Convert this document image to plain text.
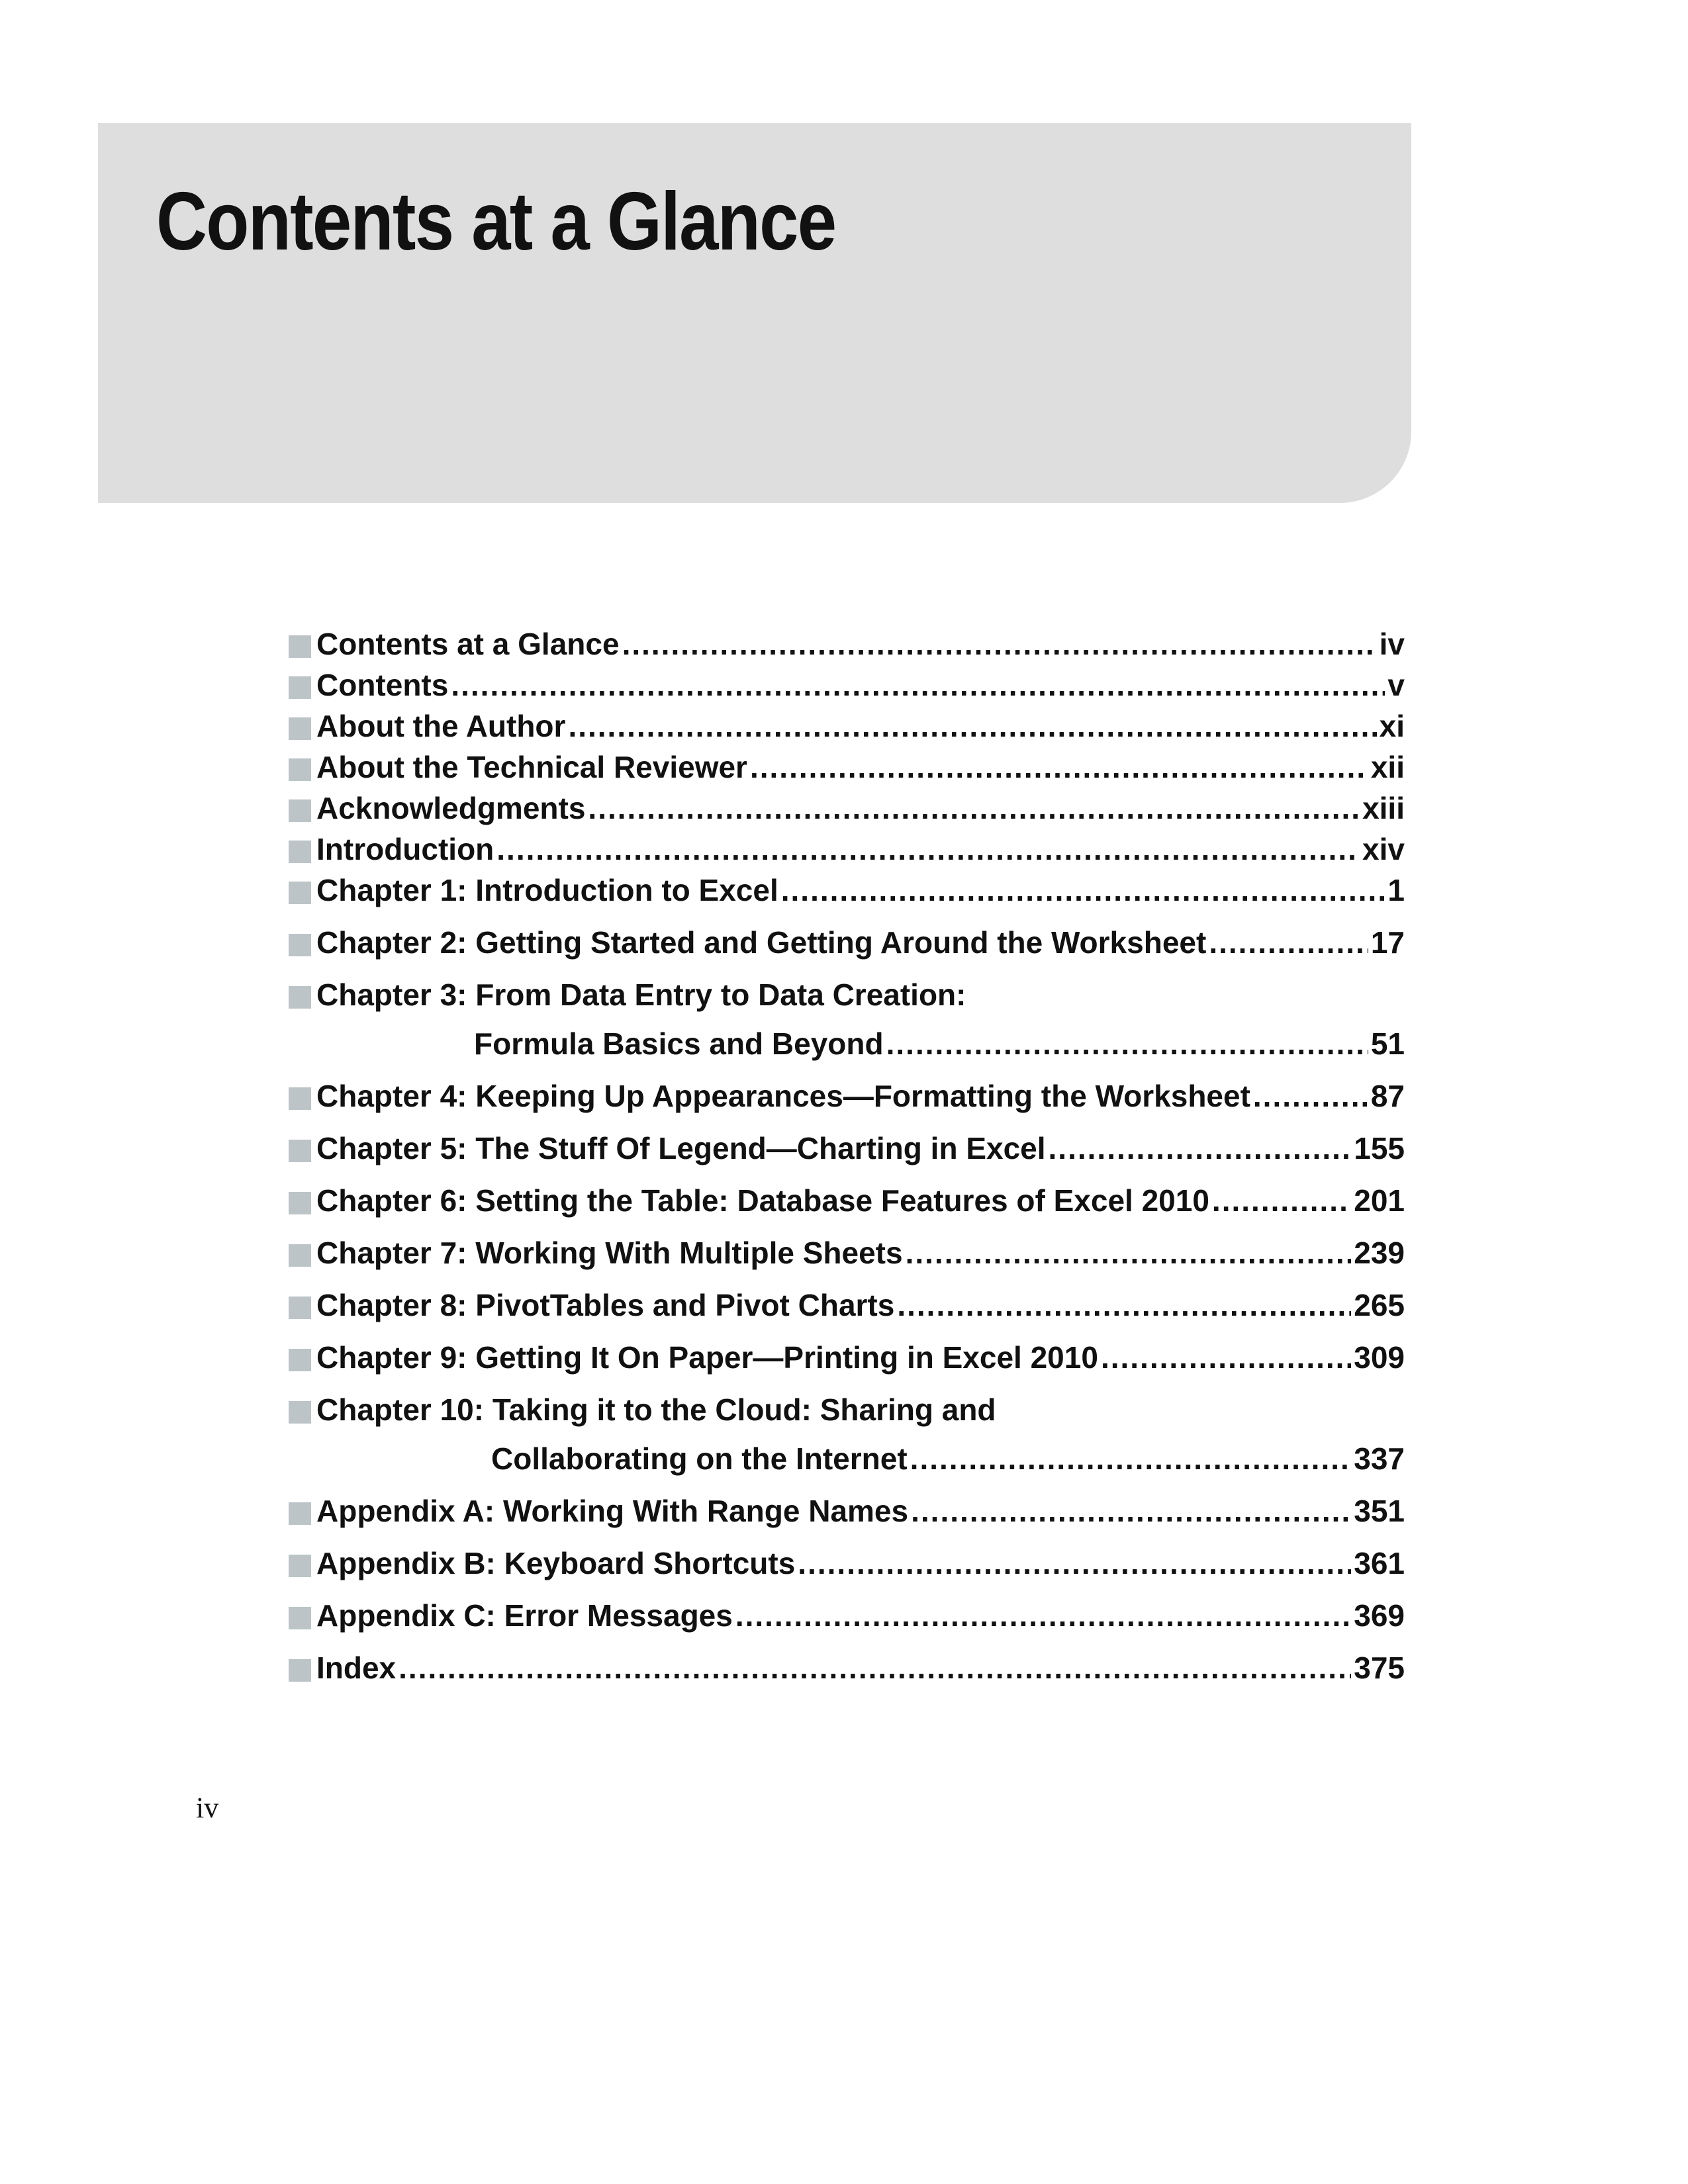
Contents at a Glance
Contents at a Glance .....	iv
Contents .....	v
About the Author .....	xi
About the Technical Reviewer .....	xii
Acknowledgments .....	xiii
Introduction .....	xiv
Chapter 1: Introduction to Excel .....	1
Chapter 2: Getting Started and Getting Around the Worksheet .....	17
Chapter 3: From Data Entry to Data Creation:
Formula Basics and Beyond .....	51
Chapter 4: Keeping Up Appearances—Formatting the Worksheet .....	87
Chapter 5: The Stuff Of Legend—Charting in Excel .....	155
Chapter 6: Setting the Table: Database Features of Excel 2010 .....	201
Chapter 7: Working With Multiple Sheets .....	239
Chapter 8: PivotTables and Pivot Charts .....	265
Chapter 9: Getting It On Paper—Printing in Excel 2010 .....	309
Chapter 10: Taking it to the Cloud: Sharing and
Collaborating on the Internet .....	337
Appendix A: Working With Range Names .....	351
Appendix B: Keyboard Shortcuts .....	361
Appendix C: Error Messages .....	369
Index .....	375
iv
